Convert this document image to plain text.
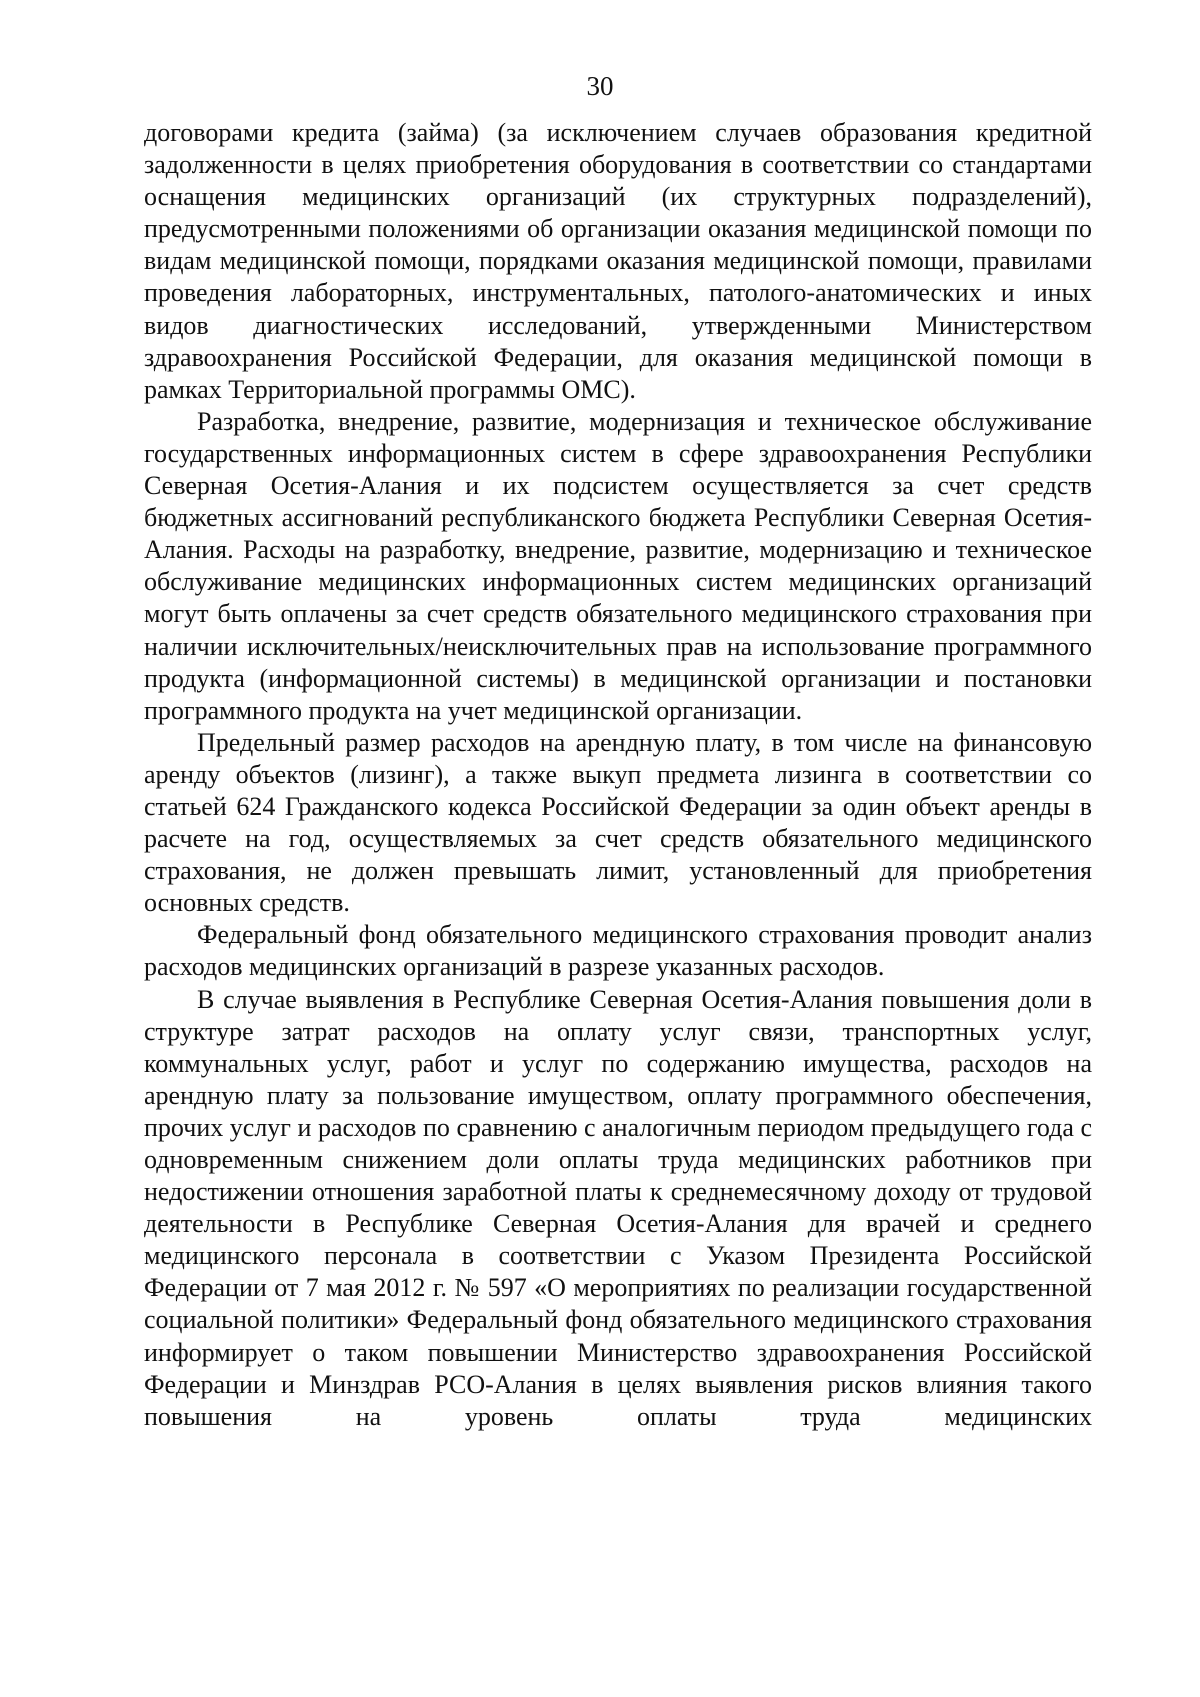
30

договорами кредита (займа) (за исключением случаев образования кредитной задолженности в целях приобретения оборудования в соответствии со стандартами оснащения медицинских организаций (их структурных подразделений), предусмотренными положениями об организации оказания медицинской помощи по видам медицинской помощи, порядками оказания медицинской помощи, правилами проведения лабораторных, инструментальных, патолого-анатомических и иных видов диагностических исследований, утвержденными Министерством здравоохранения Российской Федерации, для оказания медицинской помощи в рамках Территориальной программы ОМС).

Разработка, внедрение, развитие, модернизация и техническое обслуживание государственных информационных систем в сфере здравоохранения Республики Северная Осетия-Алания и их подсистем осуществляется за счет средств бюджетных ассигнований республиканского бюджета Республики Северная Осетия-Алания. Расходы на разработку, внедрение, развитие, модернизацию и техническое обслуживание медицинских информационных систем медицинских организаций могут быть оплачены за счет средств обязательного медицинского страхования при наличии исключительных/неисключительных прав на использование программного продукта (информационной системы) в медицинской организации и постановки программного продукта на учет медицинской организации.

Предельный размер расходов на арендную плату, в том числе на финансовую аренду объектов (лизинг), а также выкуп предмета лизинга в соответствии со статьей 624 Гражданского кодекса Российской Федерации за один объект аренды в расчете на год, осуществляемых за счет средств обязательного медицинского страхования, не должен превышать лимит, установленный для приобретения основных средств.

Федеральный фонд обязательного медицинского страхования проводит анализ расходов медицинских организаций в разрезе указанных расходов.

В случае выявления в Республике Северная Осетия-Алания повышения доли в структуре затрат расходов на оплату услуг связи, транспортных услуг, коммунальных услуг, работ и услуг по содержанию имущества, расходов на арендную плату за пользование имуществом, оплату программного обеспечения, прочих услуг и расходов по сравнению с аналогичным периодом предыдущего года с одновременным снижением доли оплаты труда медицинских работников при недостижении отношения заработной платы к среднемесячному доходу от трудовой деятельности в Республике Северная Осетия-Алания для врачей и среднего медицинского персонала в соответствии с Указом Президента Российской Федерации от 7 мая 2012 г. № 597 «О мероприятиях по реализации государственной социальной политики» Федеральный фонд обязательного медицинского страхования информирует о таком повышении Министерство здравоохранения Российской Федерации и Минздрав РСО-Алания в целях выявления рисков влияния такого повышения на уровень оплаты труда медицинских
